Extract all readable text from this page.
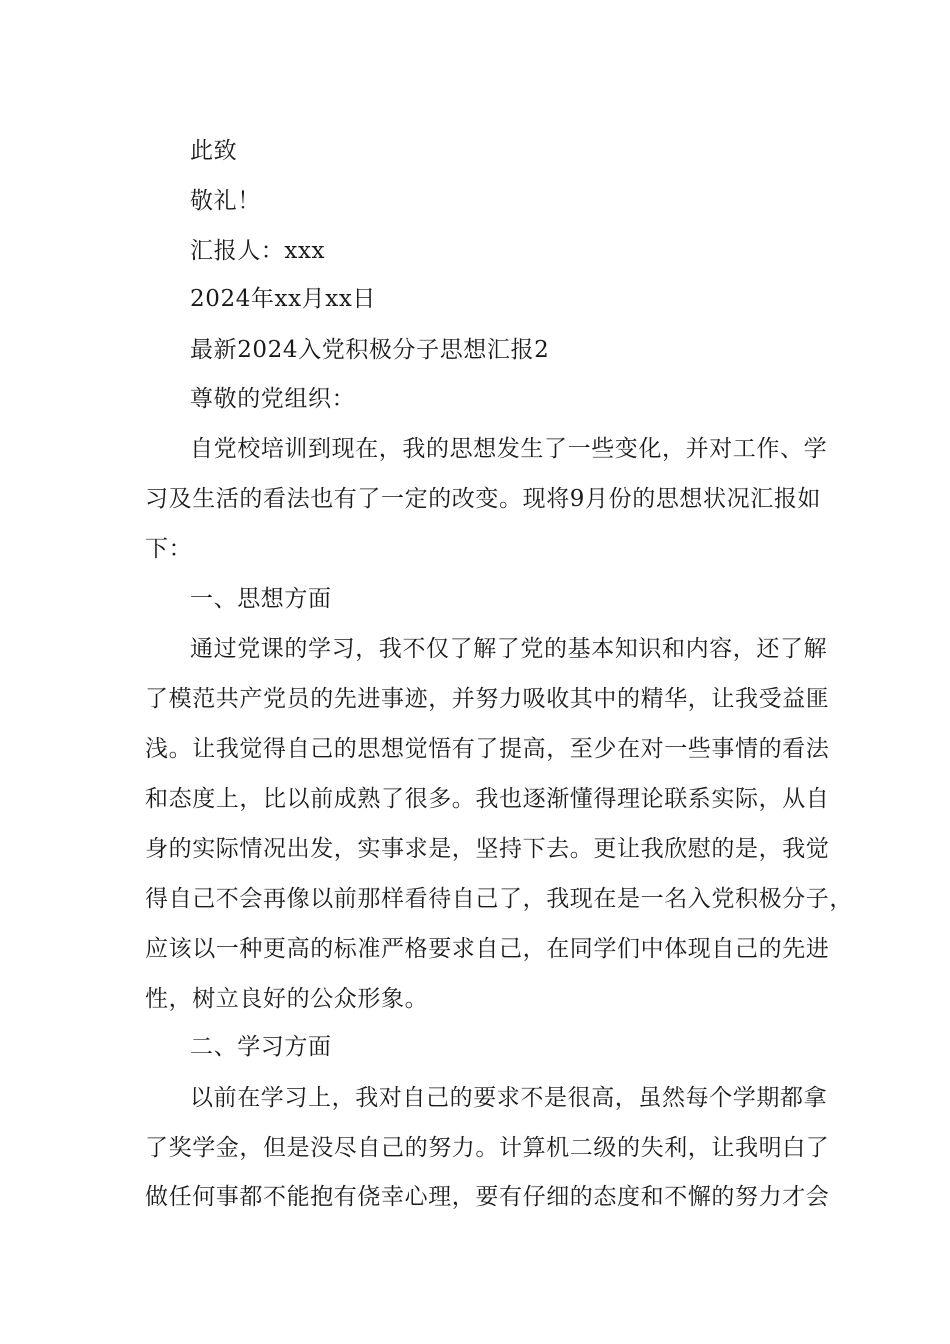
此致
敬礼！
汇报人：xxx
2024年xx月xx日
最新2024入党积极分子思想汇报2
尊敬的党组织：
自党校培训到现在，我的思想发生了一些变化，并对工作、学
习及生活的看法也有了一定的改变。现将9月份的思想状况汇报如
下：
一、思想方面
通过党课的学习，我不仅了解了党的基本知识和内容，还了解
了模范共产党员的先进事迹，并努力吸收其中的精华，让我受益匪
浅。让我觉得自己的思想觉悟有了提高，至少在对一些事情的看法
和态度上，比以前成熟了很多。我也逐渐懂得理论联系实际，从自
身的实际情况出发，实事求是，坚持下去。更让我欣慰的是，我觉
得自己不会再像以前那样看待自己了，我现在是一名入党积极分子，
应该以一种更高的标准严格要求自己，在同学们中体现自己的先进
性，树立良好的公众形象。
二、学习方面
以前在学习上，我对自己的要求不是很高，虽然每个学期都拿
了奖学金，但是没尽自己的努力。计算机二级的失利，让我明白了
做任何事都不能抱有侥幸心理，要有仔细的态度和不懈的努力才会
